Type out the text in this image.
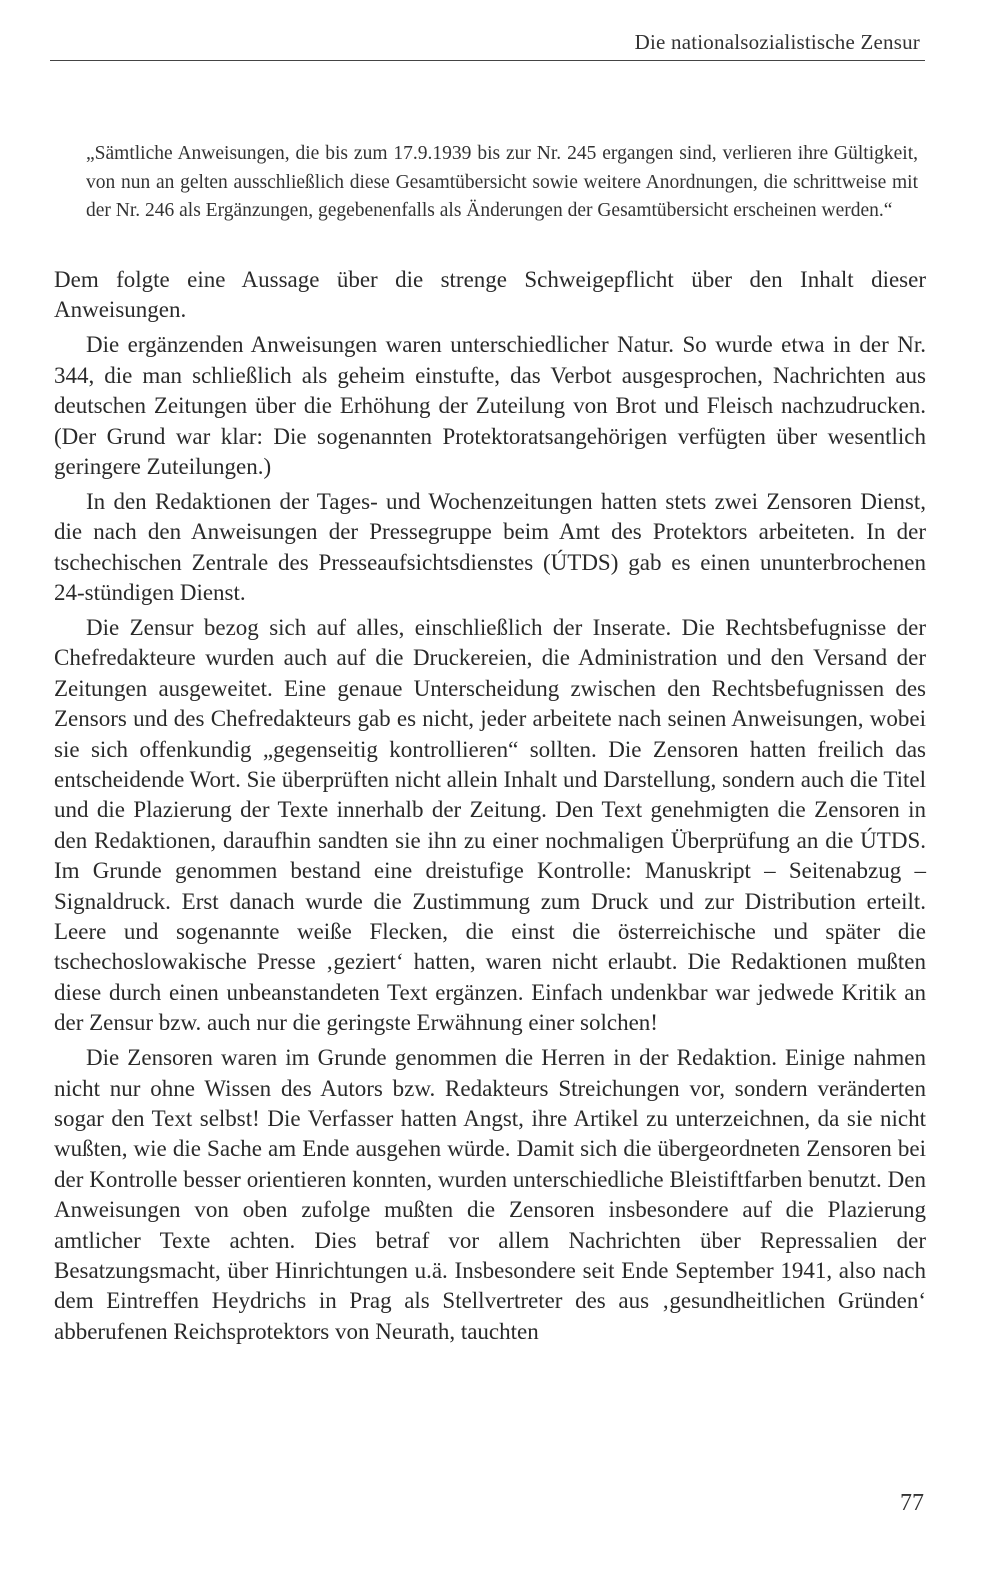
Die nationalsozialistische Zensur
„Sämtliche Anweisungen, die bis zum 17.9.1939 bis zur Nr. 245 ergangen sind, verlieren ihre Gültigkeit, von nun an gelten ausschließlich diese Gesamtübersicht sowie weitere Anordnungen, die schrittweise mit der Nr. 246 als Ergänzungen, gegebenenfalls als Änderungen der Gesamtübersicht erscheinen werden.“

Dem folgte eine Aussage über die strenge Schweigepflicht über den Inhalt dieser Anweisungen.

Die ergänzenden Anweisungen waren unterschiedlicher Natur. So wurde etwa in der Nr. 344, die man schließlich als geheim einstufte, das Verbot ausgesprochen, Nachrichten aus deutschen Zeitungen über die Erhöhung der Zuteilung von Brot und Fleisch nachzudrucken. (Der Grund war klar: Die sogenannten Protektoratsangehörigen verfügten über wesentlich geringere Zuteilungen.)

In den Redaktionen der Tages- und Wochenzeitungen hatten stets zwei Zensoren Dienst, die nach den Anweisungen der Pressegruppe beim Amt des Protektors arbeiteten. In der tschechischen Zentrale des Presseaufsichtsdienstes (ÚTDS) gab es einen ununterbrochenen 24-stündigen Dienst.

Die Zensur bezog sich auf alles, einschließlich der Inserate. Die Rechtsbefugnisse der Chefredakteure wurden auch auf die Druckereien, die Administration und den Versand der Zeitungen ausgeweitet. Eine genaue Unterscheidung zwischen den Rechtsbefugnissen des Zensors und des Chefredakteurs gab es nicht, jeder arbeitete nach seinen Anweisungen, wobei sie sich offenkundig „gegenseitig kontrollieren“ sollten. Die Zensoren hatten freilich das entscheidende Wort. Sie überprüften nicht allein Inhalt und Darstellung, sondern auch die Titel und die Plazierung der Texte innerhalb der Zeitung. Den Text genehmigten die Zensoren in den Redaktionen, daraufhin sandten sie ihn zu einer nochmaligen Überprüfung an die ÚTDS. Im Grunde genommen bestand eine dreistufige Kontrolle: Manuskript – Seitenabzug – Signaldruck. Erst danach wurde die Zustimmung zum Druck und zur Distribution erteilt. Leere und sogenannte weiße Flecken, die einst die österreichische und später die tschechoslowakische Presse ‚geziert‘ hatten, waren nicht erlaubt. Die Redaktionen mußten diese durch einen unbeanstandeten Text ergänzen. Einfach undenkbar war jedwede Kritik an der Zensur bzw. auch nur die geringste Erwähnung einer solchen!

Die Zensoren waren im Grunde genommen die Herren in der Redaktion. Einige nahmen nicht nur ohne Wissen des Autors bzw. Redakteurs Streichungen vor, sondern veränderten sogar den Text selbst! Die Verfasser hatten Angst, ihre Artikel zu unterzeichnen, da sie nicht wußten, wie die Sache am Ende ausgehen würde. Damit sich die übergeordneten Zensoren bei der Kontrolle besser orientieren konnten, wurden unterschiedliche Bleistiftfarben benutzt. Den Anweisungen von oben zufolge mußten die Zensoren insbesondere auf die Plazierung amtlicher Texte achten. Dies betraf vor allem Nachrichten über Repressalien der Besatzungsmacht, über Hinrichtungen u.ä. Insbesondere seit Ende September 1941, also nach dem Eintreffen Heydrichs in Prag als Stellvertreter des aus ‚gesundheitlichen Gründen‘ abberufenen Reichsprotektors von Neurath, tauchten

77
